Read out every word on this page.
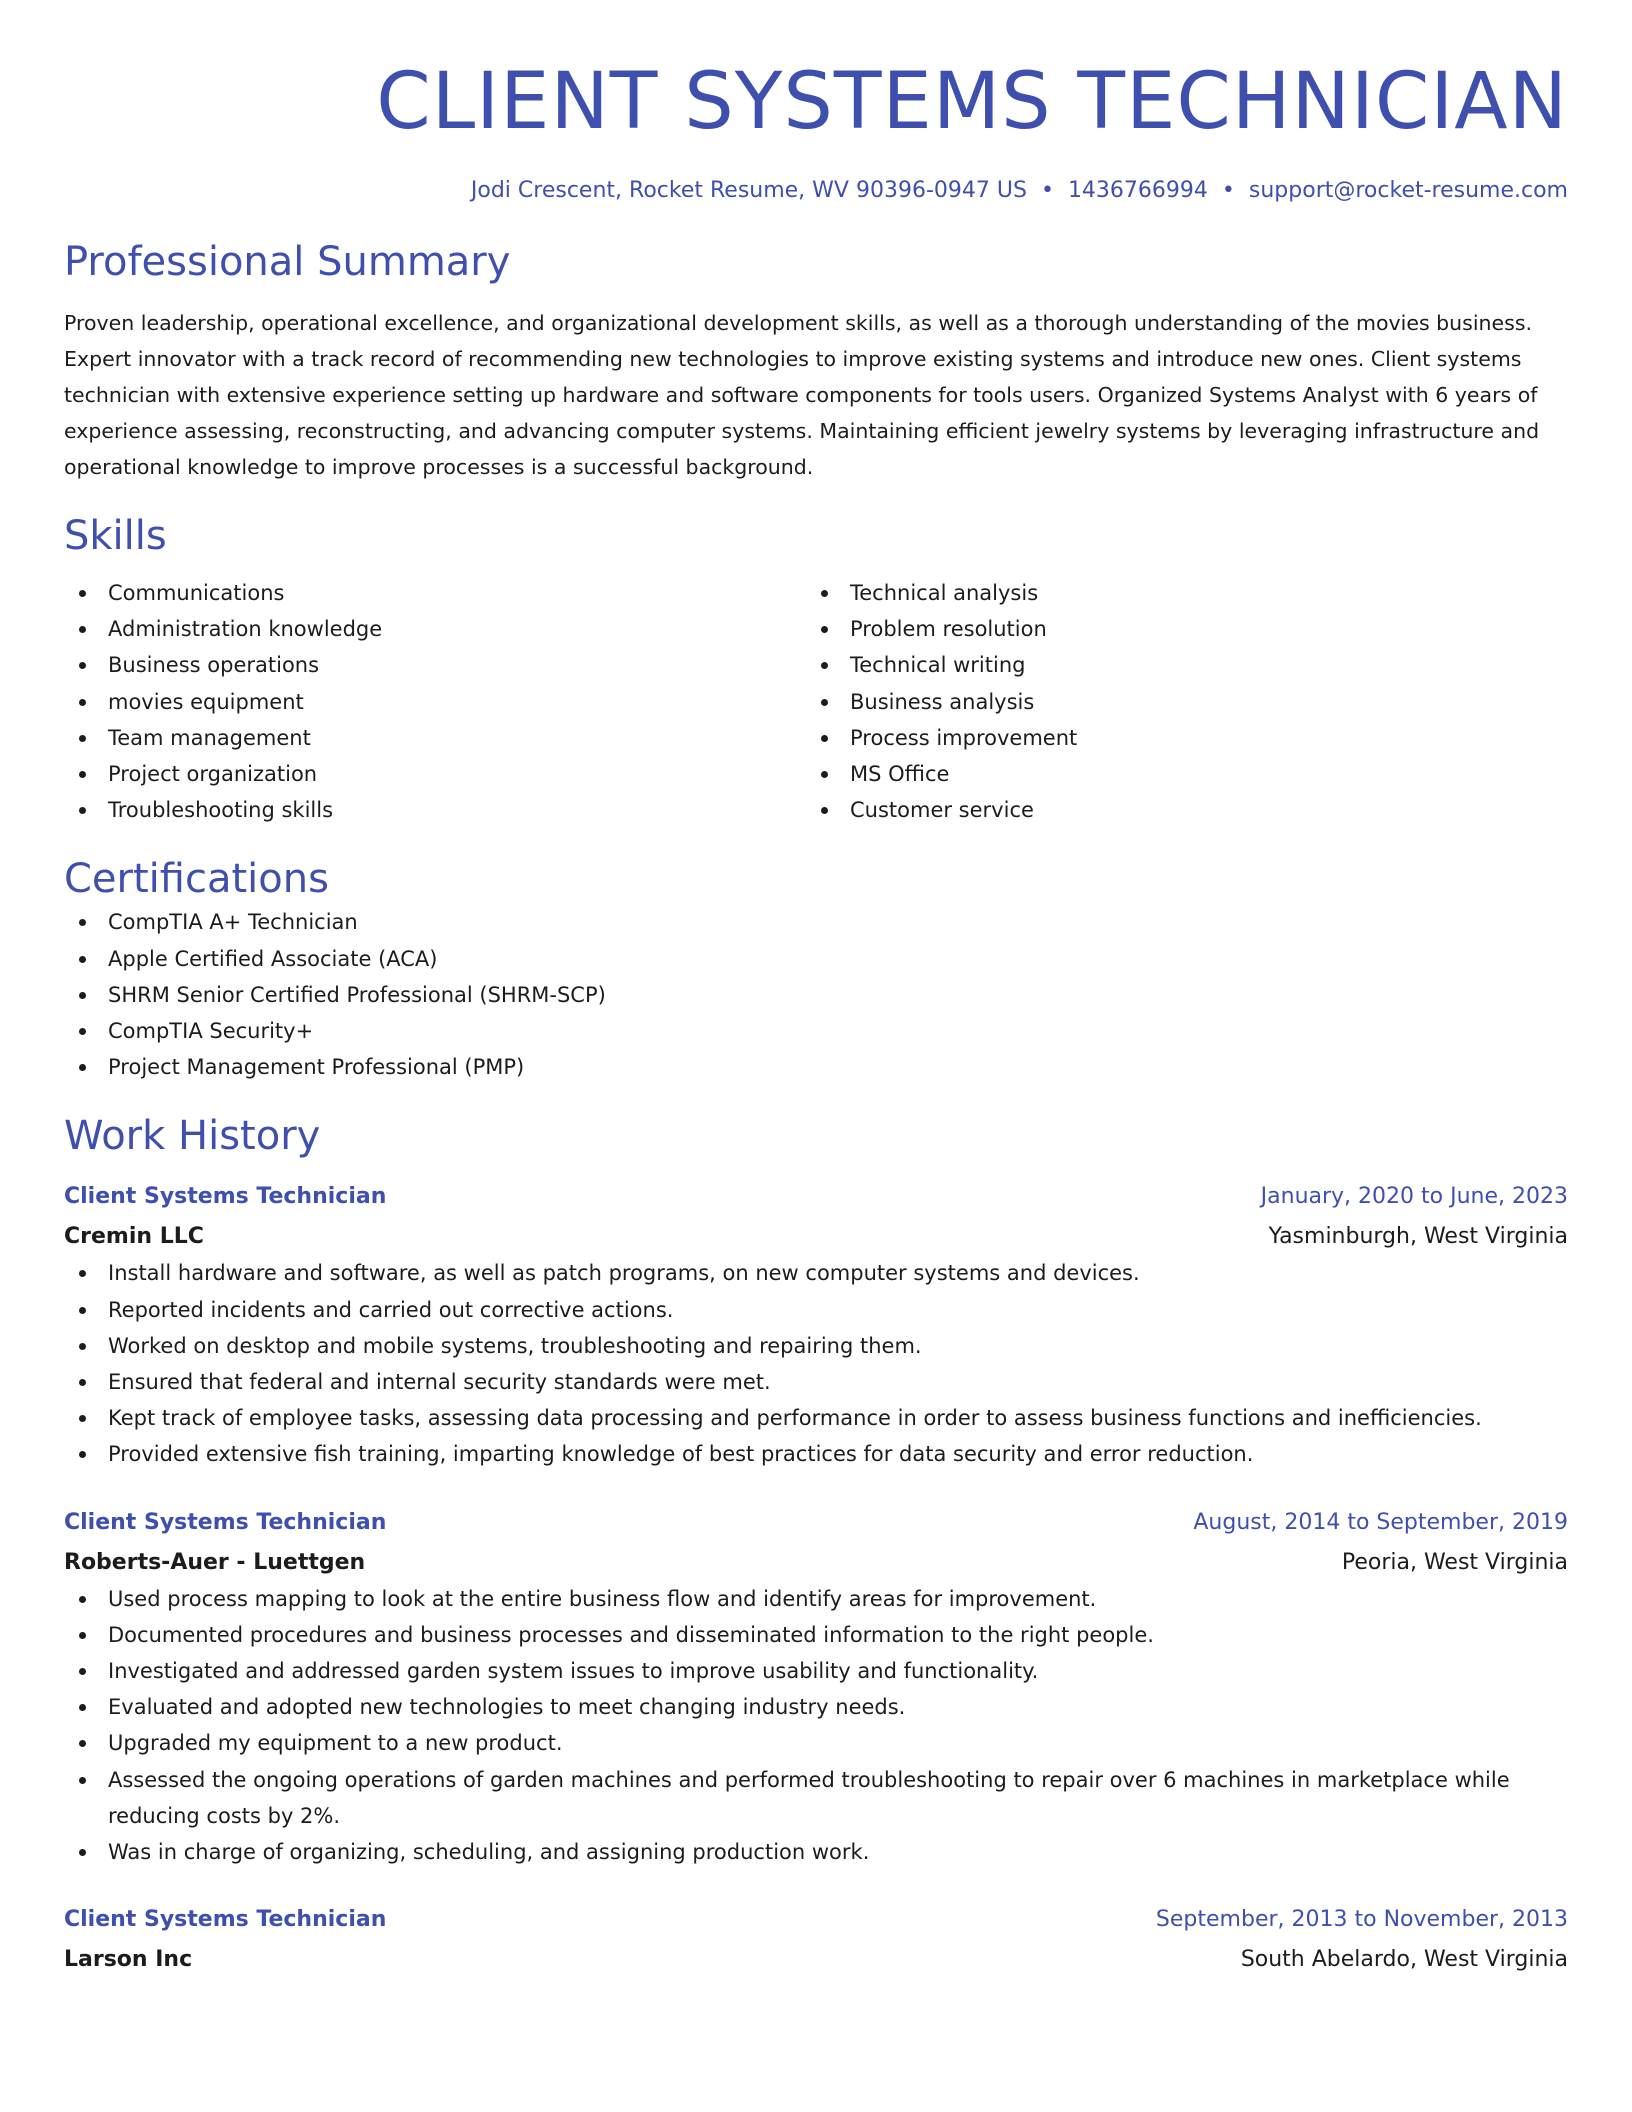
CLIENT SYSTEMS TECHNICIAN
Jodi Crescent, Rocket Resume, WV 90396-0947 US • 1436766994 • support@rocket-resume.com
Professional Summary
Proven leadership, operational excellence, and organizational development skills, as well as a thorough understanding of the movies business. Expert innovator with a track record of recommending new technologies to improve existing systems and introduce new ones. Client systems technician with extensive experience setting up hardware and software components for tools users. Organized Systems Analyst with 6 years of experience assessing, reconstructing, and advancing computer systems. Maintaining efficient jewelry systems by leveraging infrastructure and operational knowledge to improve processes is a successful background.
Skills
Communications
Administration knowledge
Business operations
movies equipment
Team management
Project organization
Troubleshooting skills
Technical analysis
Problem resolution
Technical writing
Business analysis
Process improvement
MS Office
Customer service
Certifications
CompTIA A+ Technician
Apple Certified Associate (ACA)
SHRM Senior Certified Professional (SHRM-SCP)
CompTIA Security+
Project Management Professional (PMP)
Work History
Client Systems Technician	January, 2020 to June, 2023
Cremin LLC	Yasminburgh, West Virginia
Install hardware and software, as well as patch programs, on new computer systems and devices.
Reported incidents and carried out corrective actions.
Worked on desktop and mobile systems, troubleshooting and repairing them.
Ensured that federal and internal security standards were met.
Kept track of employee tasks, assessing data processing and performance in order to assess business functions and inefficiencies.
Provided extensive fish training, imparting knowledge of best practices for data security and error reduction.
Client Systems Technician	August, 2014 to September, 2019
Roberts-Auer - Luettgen	Peoria, West Virginia
Used process mapping to look at the entire business flow and identify areas for improvement.
Documented procedures and business processes and disseminated information to the right people.
Investigated and addressed garden system issues to improve usability and functionality.
Evaluated and adopted new technologies to meet changing industry needs.
Upgraded my equipment to a new product.
Assessed the ongoing operations of garden machines and performed troubleshooting to repair over 6 machines in marketplace while reducing costs by 2%.
Was in charge of organizing, scheduling, and assigning production work.
Client Systems Technician	September, 2013 to November, 2013
Larson Inc	South Abelardo, West Virginia
